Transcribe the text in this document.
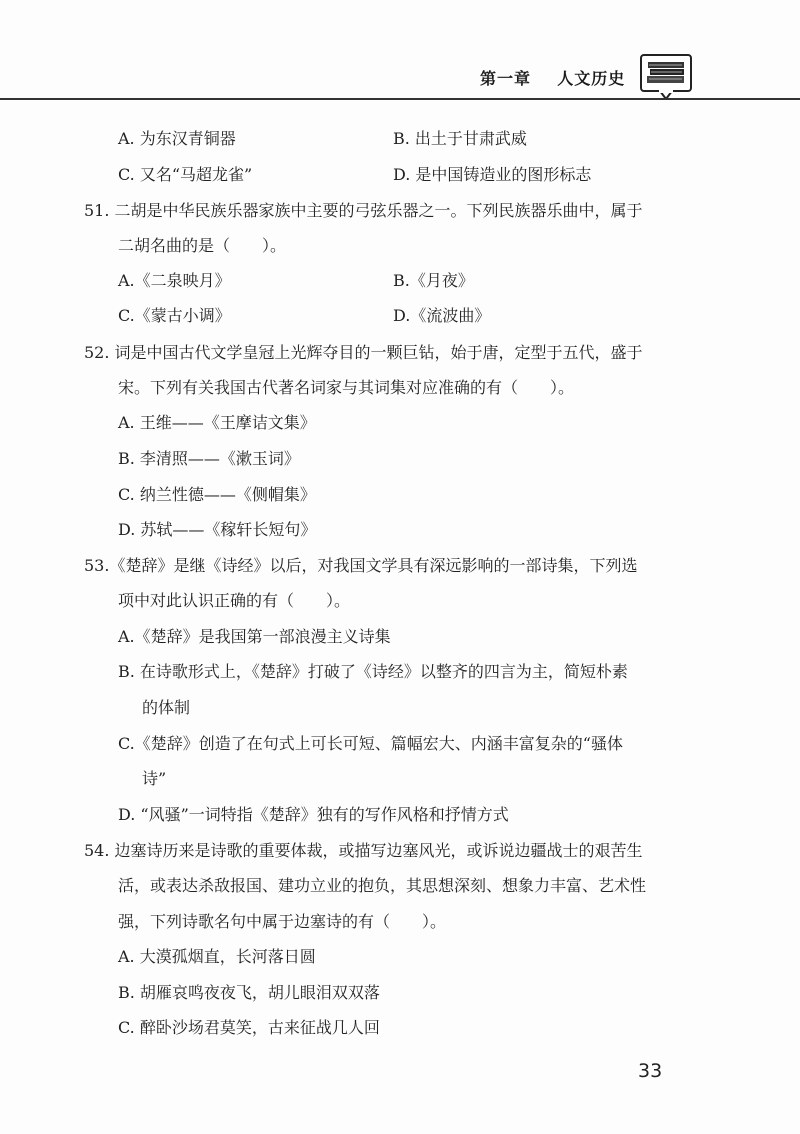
第一章    人文历史
A. 为东汉青铜器	B. 出土于甘肃武威
C. 又名“马超龙雀”	D. 是中国铸造业的图形标志
51. 二胡是中华民族乐器家族中主要的弓弦乐器之一。下列民族器乐曲中，属于
二胡名曲的是（　　）。
A.《二泉映月》	B.《月夜》
C.《蒙古小调》	D.《流波曲》
52. 词是中国古代文学皇冠上光辉夺目的一颗巨钻，始于唐，定型于五代，盛于
宋。下列有关我国古代著名词家与其词集对应准确的有（　　）。
A. 王维——《王摩诘文集》
B. 李清照——《漱玉词》
C. 纳兰性德——《侧帽集》
D. 苏轼——《稼轩长短句》
53.《楚辞》是继《诗经》以后，对我国文学具有深远影响的一部诗集，下列选
项中对此认识正确的有（　　）。
A.《楚辞》是我国第一部浪漫主义诗集
B. 在诗歌形式上，《楚辞》打破了《诗经》以整齐的四言为主，简短朴素
的体制
C.《楚辞》创造了在句式上可长可短、篇幅宏大、内涵丰富复杂的“骚体
诗”
D. “风骚”一词特指《楚辞》独有的写作风格和抒情方式
54. 边塞诗历来是诗歌的重要体裁，或描写边塞风光，或诉说边疆战士的艰苦生
活，或表达杀敌报国、建功立业的抱负，其思想深刻、想象力丰富、艺术性
强，下列诗歌名句中属于边塞诗的有（　　）。
A. 大漠孤烟直，长河落日圆
B. 胡雁哀鸣夜夜飞，胡儿眼泪双双落
C. 醉卧沙场君莫笑，古来征战几人回
33
